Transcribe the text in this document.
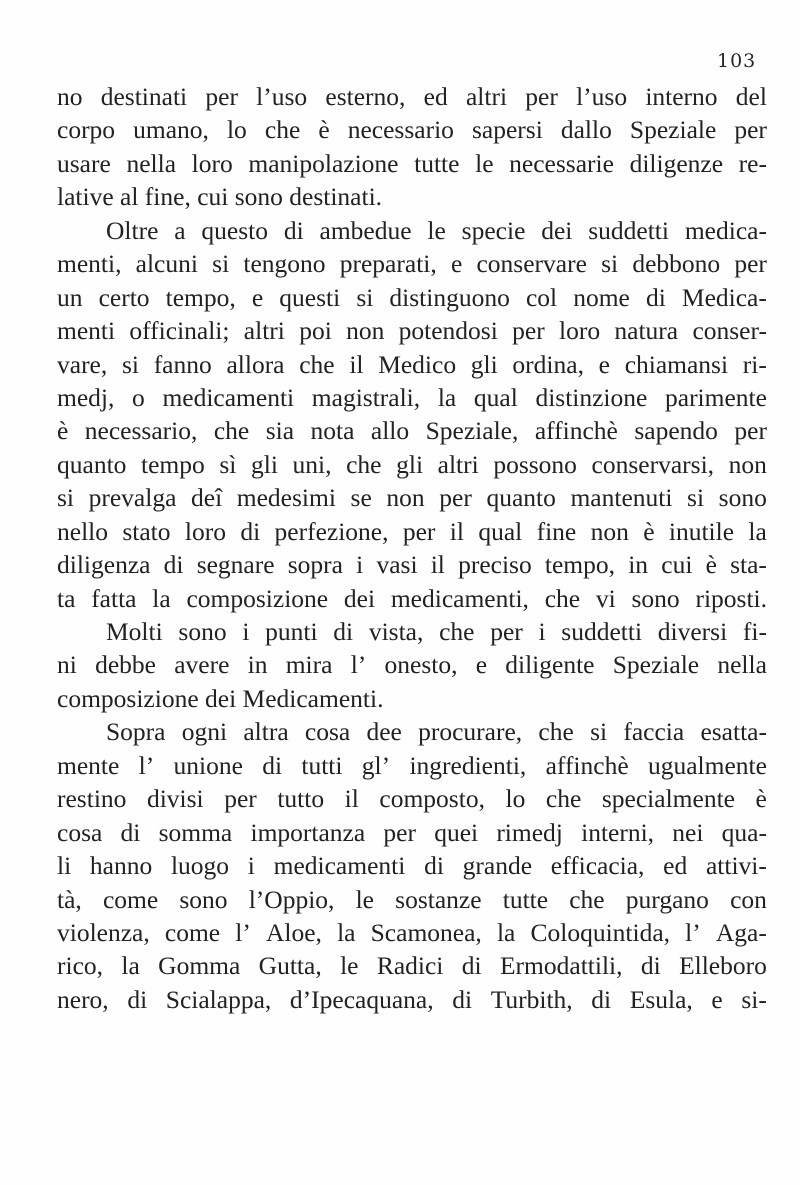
103
no destinati per l’uso esterno, ed altri per l’uso interno del
corpo umano, lo che è necessario sapersi dallo Speziale per
usare nella loro manipolazione tutte le necessarie diligenze re-
lative al fine, cui sono destinati.
Oltre a questo di ambedue le specie dei suddetti medica-
menti, alcuni si tengono preparati, e conservare si debbono per
un certo tempo, e questi si distinguono col nome di Medica-
menti officinali; altri poi non potendosi per loro natura conser-
vare, si fanno allora che il Medico gli ordina, e chiamansi ri-
medj, o medicamenti magistrali, la qual distinzione parimente
è necessario, che sia nota allo Speziale, affinchè sapendo per
quanto tempo sì gli uni, che gli altri possono conservarsi, non
si prevalga deî medesimi se non per quanto mantenuti si sono
nello stato loro di perfezione, per il qual fine non è inutile la
diligenza di segnare sopra i vasi il preciso tempo, in cui è sta-
ta fatta la composizione dei medicamenti, che vi sono riposti.
Molti sono i punti di vista, che per i suddetti diversi fi-
ni debbe avere in mira l’ onesto, e diligente Speziale nella
composizione dei Medicamenti.
Sopra ogni altra cosa dee procurare, che si faccia esatta-
mente l’ unione di tutti gl’ ingredienti, affinchè ugualmente
restino divisi per tutto il composto, lo che specialmente è
cosa di somma importanza per quei rimedj interni, nei qua-
li hanno luogo i medicamenti di grande efficacia, ed attivi-
tà, come sono l’Oppio, le sostanze tutte che purgano con
violenza, come l’ Aloe, la Scamonea, la Coloquintida, l’ Aga-
rico, la Gomma Gutta, le Radici di Ermodattili, di Elleboro
nero, di Scialappa, d’Ipecaquana, di Turbith, di Esula, e si-
